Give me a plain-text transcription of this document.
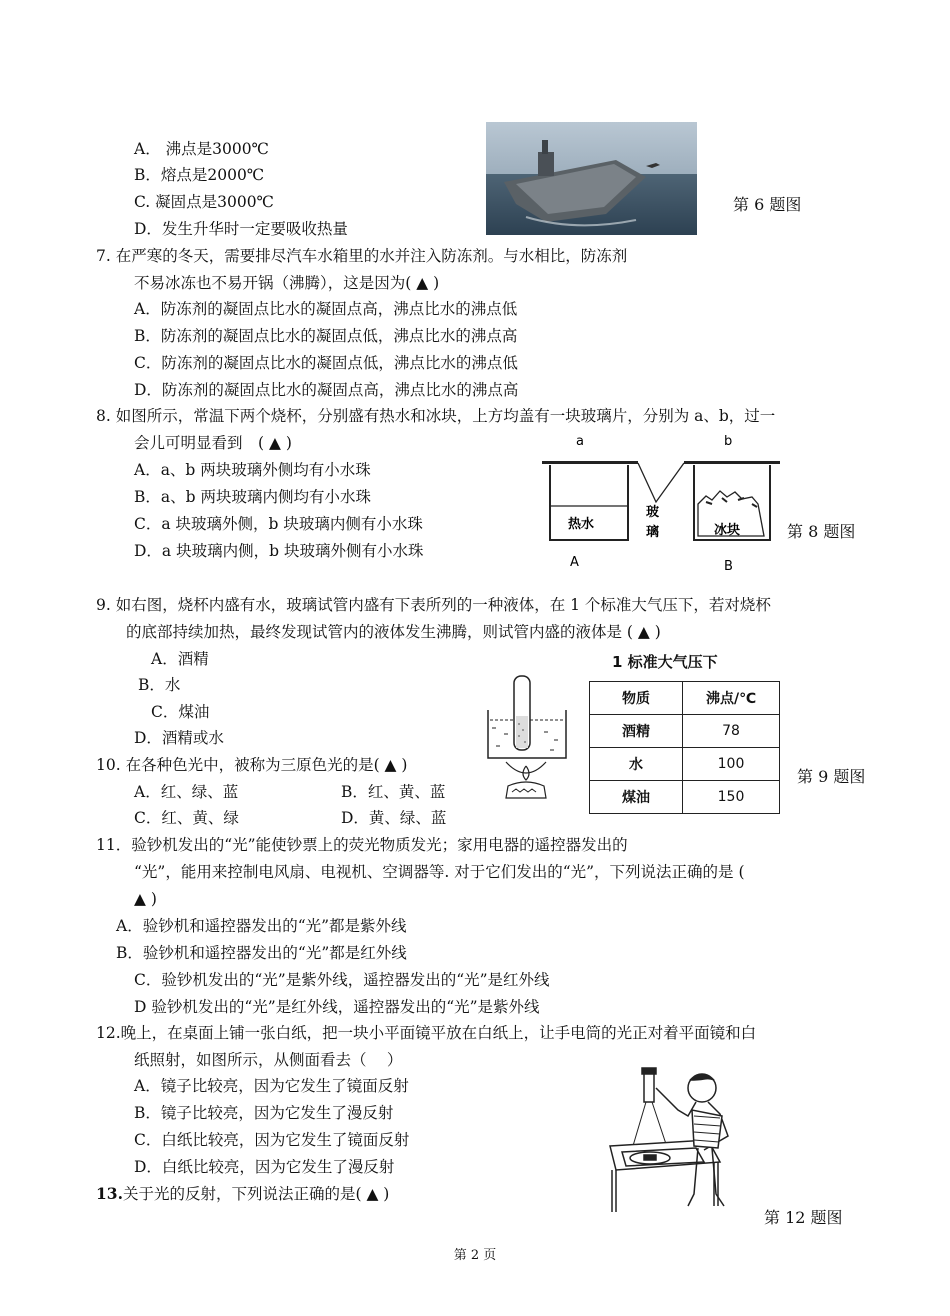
A． 沸点是3000℃
B．熔点是2000℃
C. 凝固点是3000℃
D．发生升华时一定要吸收热量
第 6 题图
7. 在严寒的冬天，需要排尽汽车水箱里的水并注入防冻剂。与水相比，防冻剂
不易冰冻也不易开锅（沸腾），这是因为( ▲ )
A．防冻剂的凝固点比水的凝固点高，沸点比水的沸点低
B．防冻剂的凝固点比水的凝固点低，沸点比水的沸点高
C．防冻剂的凝固点比水的凝固点低，沸点比水的沸点低
D．防冻剂的凝固点比水的凝固点高，沸点比水的沸点高
8. 如图所示，常温下两个烧杯，分别盛有热水和冰块，上方均盖有一块玻璃片，分别为 a、b，过一
会儿可明显看到　( ▲ )
A．a、b 两块玻璃外侧均有小水珠
B．a、b 两块玻璃内侧均有小水珠
C．a 块玻璃外侧，b 块玻璃内侧有小水珠
D．a 块玻璃内侧，b 块玻璃外侧有小水珠
a	b
热水	冰块
玻
璃
A	B
第 8 题图
9. 如右图，烧杯内盛有水，玻璃试管内盛有下表所列的一种液体，在 1 个标准大气压下，若对烧杯
的底部持续加热，最终发现试管内的液体发生沸腾，则试管内盛的液体是 ( ▲ )
A．酒精
B．水
C．煤油
D．酒精或水
1 标准大气压下
物质	沸点/℃
酒精	78
水	100
煤油	150
第 9 题图
10. 在各种色光中，被称为三原色光的是( ▲ )
A．红、绿、蓝	B．红、黄、蓝
C．红、黄、绿	D．黄、绿、蓝
11．验钞机发出的“光”能使钞票上的荧光物质发光；家用电器的遥控器发出的
“光”，能用来控制电风扇、电视机、空调器等. 对于它们发出的“光”，下列说法正确的是 (
▲ )
A．验钞机和遥控器发出的“光”都是紫外线
B．验钞机和遥控器发出的“光”都是红外线
C．验钞机发出的“光”是紫外线，遥控器发出的“光”是红外线
D 验钞机发出的“光”是红外线，遥控器发出的“光”是紫外线
12.晚上，在桌面上铺一张白纸，把一块小平面镜平放在白纸上，让手电筒的光正对着平面镜和白
纸照射，如图所示，从侧面看去（　 ）
A．镜子比较亮，因为它发生了镜面反射
B．镜子比较亮，因为它发生了漫反射
C．白纸比较亮，因为它发生了镜面反射
D．白纸比较亮，因为它发生了漫反射
第 12 题图
13.关于光的反射，下列说法正确的是( ▲ )
第 2 页
